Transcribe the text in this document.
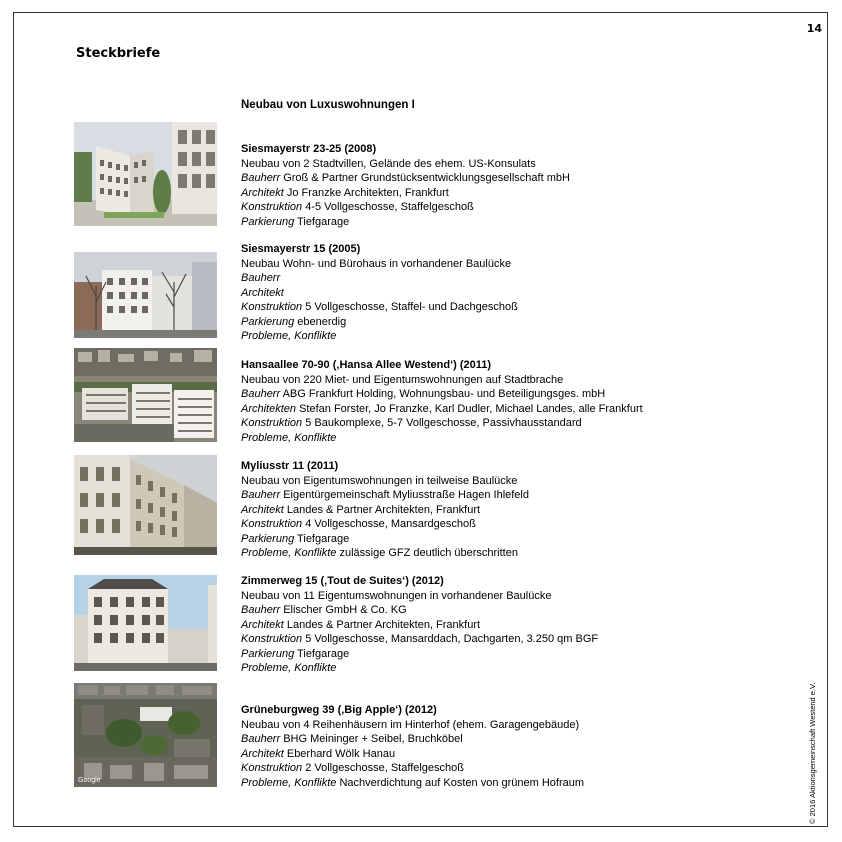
14
Steckbriefe
Neubau von Luxuswohnungen I
© 2016 Aktionsgemeinschaft Westend e.V.
Google
Siesmayerstr 23-25 (2008)
Neubau von 2 Stadtvillen, Gelände des ehem. US-Konsulats
Bauherr Groß & Partner Grundstücksentwicklungsgesellschaft mbH
Architekt Jo Franzke Architekten, Frankfurt
Konstruktion 4-5 Vollgeschosse, Staffelgeschoß
Parkierung Tiefgarage
Siesmayerstr 15 (2005)
Neubau Wohn- und Bürohaus in vorhandener Baulücke
Bauherr
Architekt
Konstruktion 5 Vollgeschosse, Staffel- und Dachgeschoß
Parkierung ebenerdig
Probleme, Konflikte
Hansaallee 70-90 (‚Hansa Allee Westend‘) (2011)
Neubau von 220 Miet- und Eigentumswohnungen auf Stadtbrache
Bauherr ABG Frankfurt Holding, Wohnungsbau- und Beteiligungsges. mbH
Architekten Stefan Forster, Jo Franzke, Karl Dudler, Michael Landes, alle Frankfurt
Konstruktion 5 Baukomplexe, 5-7 Vollgeschosse, Passivhausstandard
Probleme, Konflikte
Myliusstr 11 (2011)
Neubau von Eigentumswohnungen in teilweise Baulücke
Bauherr Eigentürgemeinschaft Myliusstraße Hagen Ihlefeld
Architekt Landes & Partner Architekten, Frankfurt
Konstruktion 4 Vollgeschosse, Mansardgeschoß
Parkierung Tiefgarage
Probleme, Konflikte zulässige GFZ deutlich überschritten
Zimmerweg 15 (‚Tout de Suites‘) (2012)
Neubau von 11 Eigentumswohnungen in vorhandener Baulücke
Bauherr Elischer GmbH & Co. KG
Architekt Landes & Partner Architekten, Frankfurt
Konstruktion 5 Vollgeschosse, Mansarddach, Dachgarten, 3.250 qm BGF
Parkierung Tiefgarage
Probleme, Konflikte
Grüneburgweg 39 (‚Big Apple‘) (2012)
Neubau von 4 Reihenhäusern im Hinterhof (ehem. Garagengebäude)
Bauherr BHG Meininger + Seibel, Bruchköbel
Architekt Eberhard Wölk Hanau
Konstruktion 2 Vollgeschosse, Staffelgeschoß
Probleme, Konflikte Nachverdichtung auf Kosten von grünem Hofraum
